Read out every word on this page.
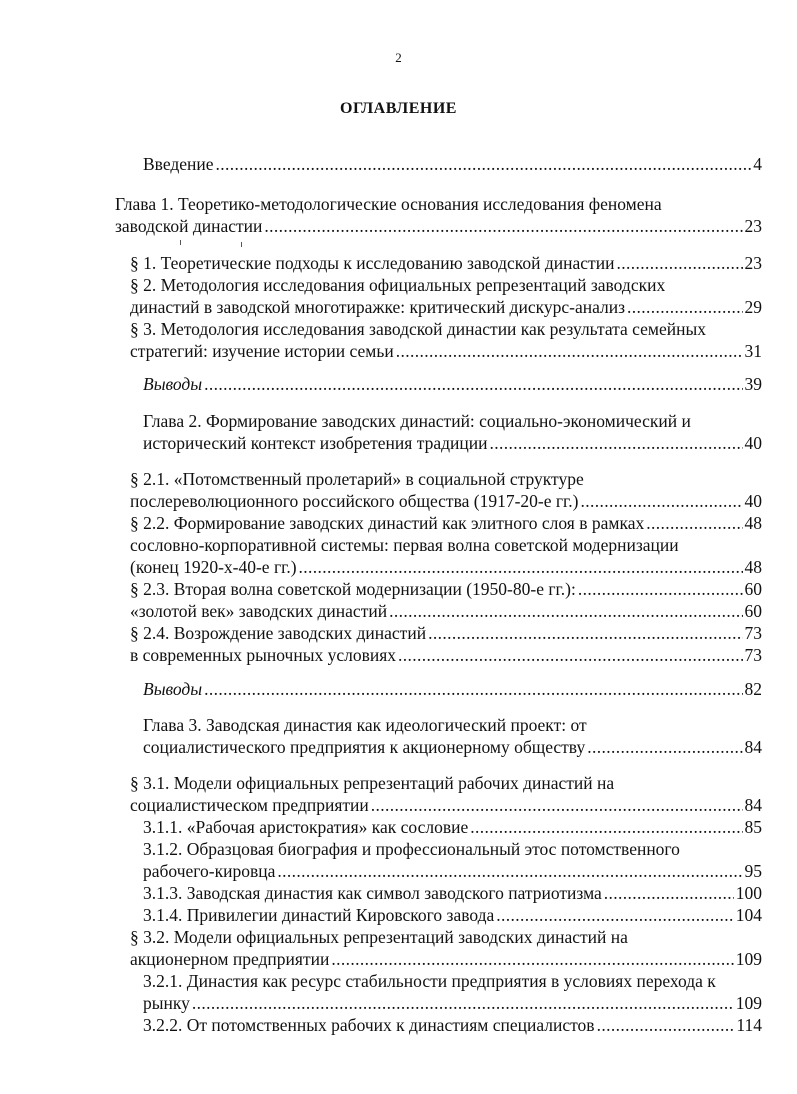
2
ОГЛАВЛЕНИЕ
Введение . . .	4
Глава 1. Теоретико-методологические основания исследования феномена
заводской династии . . .	23
§ 1. Теоретические подходы к исследованию заводской династии . . .	23
§ 2. Методология исследования официальных репрезентаций заводских
династий в заводской многотиражке: критический дискурс-анализ . . .	29
§ 3. Методология исследования заводской династии как результата семейных
стратегий: изучение истории семьи . . .	31
Выводы . . .	39
Глава 2. Формирование заводских династий: социально-экономический и
исторический контекст изобретения традиции . . .	40
§ 2.1. «Потомственный пролетарий» в социальной структуре
послереволюционного российского общества (1917-20-е гг.) . . .	40
§ 2.2. Формирование заводских династий как элитного слоя в рамках . . .	48
сословно-корпоративной системы: первая волна советской модернизации
(конец 1920-х-40-е гг.) . . .	48
§ 2.3. Вторая волна советской модернизации (1950-80-е гг.): . . .	60
«золотой век» заводских династий . . .	60
§ 2.4. Возрождение заводских династий . . .	73
в современных рыночных условиях . . .	73
Выводы . . .	82
Глава 3. Заводская династия как идеологический проект: от
социалистического предприятия к акционерному обществу . . .	84
§ 3.1. Модели официальных репрезентаций рабочих династий на
социалистическом предприятии . . .	84
3.1.1. «Рабочая аристократия» как сословие . . .	85
3.1.2. Образцовая биография и профессиональный этос потомственного
рабочего-кировца . . .	95
3.1.3. Заводская династия как символ заводского патриотизма . . .	100
3.1.4. Привилегии династий Кировского завода . . .	104
§ 3.2. Модели официальных репрезентаций заводских династий на
акционерном предприятии . . .	109
3.2.1. Династия как ресурс стабильности предприятия в условиях перехода к
рынку . . .	109
3.2.2. От потомственных рабочих к династиям специалистов . . .	114
